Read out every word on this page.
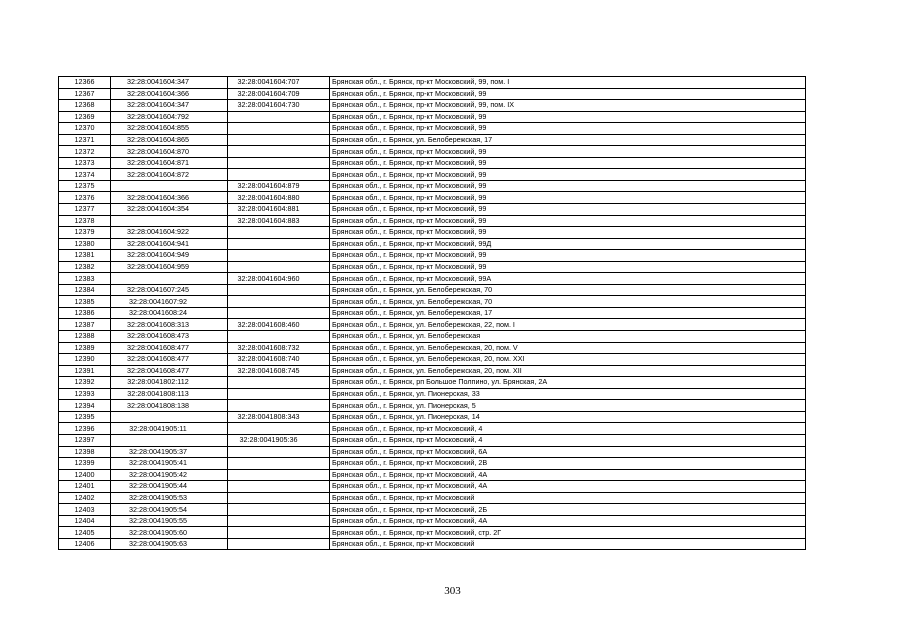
12366	32:28:0041604:347	32:28:0041604:707	Брянская обл., г. Брянск, пр-кт Московский, 99, пом. I
12367	32:28:0041604:366	32:28:0041604:709	Брянская обл., г. Брянск, пр-кт Московский, 99
12368	32:28:0041604:347	32:28:0041604:730	Брянская обл., г. Брянск, пр-кт Московский, 99, пом. IX
12369	32:28:0041604:792		Брянская обл., г. Брянск, пр-кт Московский, 99
12370	32:28:0041604:855		Брянская обл., г. Брянск, пр-кт Московский, 99
12371	32:28:0041604:865		Брянская обл., г. Брянск, ул. Белобережская, 17
12372	32:28:0041604:870		Брянская обл., г. Брянск, пр-кт Московский, 99
12373	32:28:0041604:871		Брянская обл., г. Брянск, пр-кт Московский, 99
12374	32:28:0041604:872		Брянская обл., г. Брянск, пр-кт Московский, 99
12375		32:28:0041604:879	Брянская обл., г. Брянск, пр-кт Московский, 99
12376	32:28:0041604:366	32:28:0041604:880	Брянская обл., г. Брянск, пр-кт Московский, 99
12377	32:28:0041604:354	32:28:0041604:881	Брянская обл., г. Брянск, пр-кт Московский, 99
12378		32:28:0041604:883	Брянская обл., г. Брянск, пр-кт Московский, 99
12379	32:28:0041604:922		Брянская обл., г. Брянск, пр-кт Московский, 99
12380	32:28:0041604:941		Брянская обл., г. Брянск, пр-кт Московский, 99Д
12381	32:28:0041604:949		Брянская обл., г. Брянск, пр-кт Московский, 99
12382	32:28:0041604:959		Брянская обл., г. Брянск, пр-кт Московский, 99
12383		32:28:0041604:960	Брянская обл., г. Брянск, пр-кт Московский, 99А
12384	32:28:0041607:245		Брянская обл., г. Брянск, ул. Белобережская, 70
12385	32:28:0041607:92		Брянская обл., г. Брянск, ул. Белобережская, 70
12386	32:28:0041608:24		Брянская обл., г. Брянск, ул. Белобережская, 17
12387	32:28:0041608:313	32:28:0041608:460	Брянская обл., г. Брянск, ул. Белобережская, 22, пом. I
12388	32:28:0041608:473		Брянская обл., г. Брянск, ул. Белобережская
12389	32:28:0041608:477	32:28:0041608:732	Брянская обл., г. Брянск, ул. Белобережская, 20, пом. V
12390	32:28:0041608:477	32:28:0041608:740	Брянская обл., г. Брянск, ул. Белобережская, 20, пом. XXI
12391	32:28:0041608:477	32:28:0041608:745	Брянская обл., г. Брянск, ул. Белобережская, 20, пом. XII
12392	32:28:0041802:112		Брянская обл., г. Брянск, рп Большое Полпино, ул. Брянская, 2А
12393	32:28:0041808:113		Брянская обл., г. Брянск, ул. Пионерская, 33
12394	32:28:0041808:138		Брянская обл., г. Брянск, ул. Пионерская, 5
12395		32:28:0041808:343	Брянская обл., г. Брянск, ул. Пионерская, 14
12396	32:28:0041905:11		Брянская обл., г. Брянск, пр-кт Московский, 4
12397		32:28:0041905:36	Брянская обл., г. Брянск, пр-кт Московский, 4
12398	32:28:0041905:37		Брянская обл., г. Брянск, пр-кт Московский, 6А
12399	32:28:0041905:41		Брянская обл., г. Брянск, пр-кт Московский, 2В
12400	32:28:0041905:42		Брянская обл., г. Брянск, пр-кт Московский, 4А
12401	32:28:0041905:44		Брянская обл., г. Брянск, пр-кт Московский, 4А
12402	32:28:0041905:53		Брянская обл., г. Брянск, пр-кт Московский
12403	32:28:0041905:54		Брянская обл., г. Брянск, пр-кт Московский, 2Б
12404	32:28:0041905:55		Брянская обл., г. Брянск, пр-кт Московский, 4А
12405	32:28:0041905:60		Брянская обл., г. Брянск, пр-кт Московский, стр. 2Г
12406	32:28:0041905:63		Брянская обл., г. Брянск, пр-кт Московский
303
